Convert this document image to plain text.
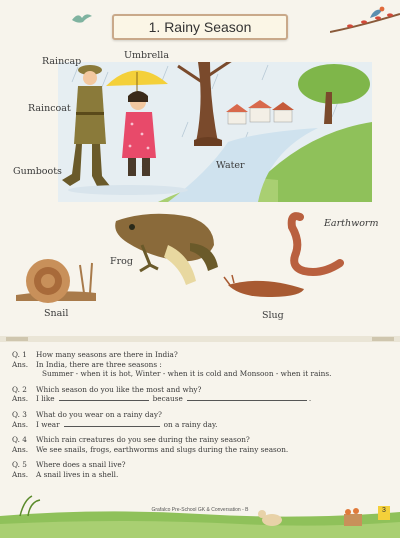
1. Rainy Season
Raincap
Umbrella
Raincoat
Gumboots
Water
Earthworm
Frog
Snail	Slug
Q. 1	How many seasons are there in India?
Ans.	In India, there are three seasons :
Summer - when it is hot, Winter - when it is cold and Monsoon - when it rains.
Q. 2	Which season do you like the most and why?
Ans.	I like	because	.
Q. 3	What do you wear on a rainy day?
Ans.	I wear	on a rainy day.
Q. 4	Which rain creatures do you see during the rainy season?
Ans.	We see snails, frogs, earthworms and slugs during the rainy season.
Q. 5	Where does a snail live?
Ans.	A snail lives in a shell.
Grafalco Pre-School GK & Conversation - B	3
